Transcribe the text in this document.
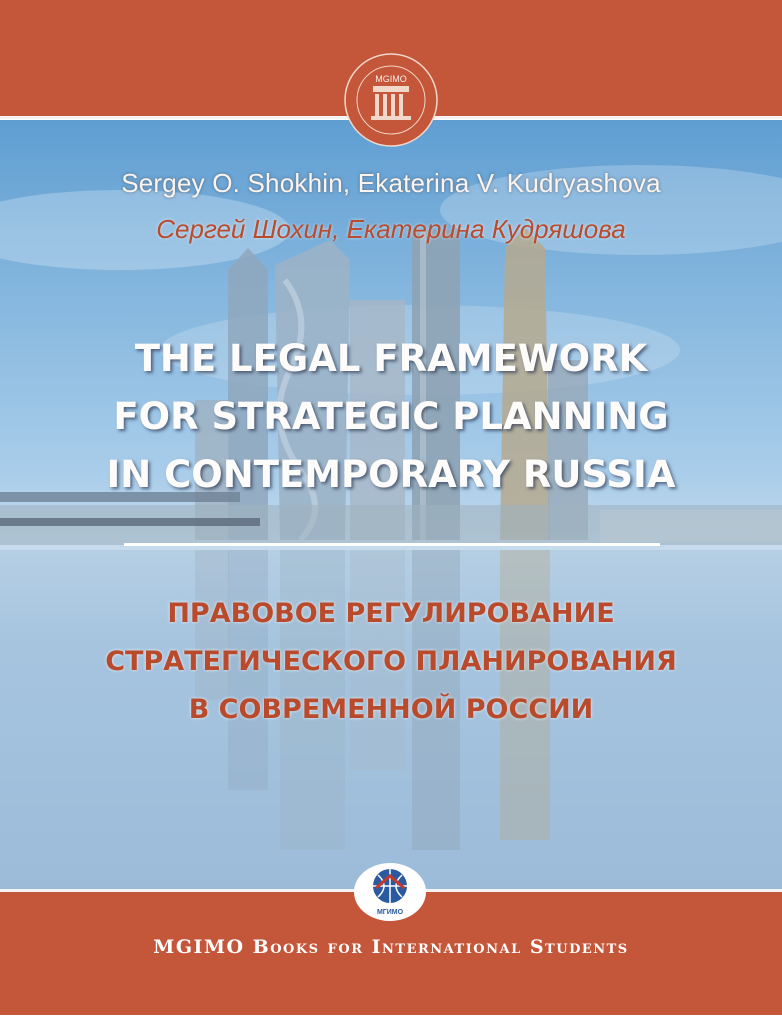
MGIMO
Sergey O. Shokhin, Ekaterina V. Kudryashova
Сергей Шохин, Екатерина Кудряшова
THE LEGAL FRAMEWORK
FOR STRATEGIC PLANNING
IN CONTEMPORARY RUSSIA
ПРАВОВОЕ РЕГУЛИРОВАНИЕ
СТРАТЕГИЧЕСКОГО ПЛАНИРОВАНИЯ
В СОВРЕМЕННОЙ РОССИИ
МГИМО
MGIMO Books for International Students
